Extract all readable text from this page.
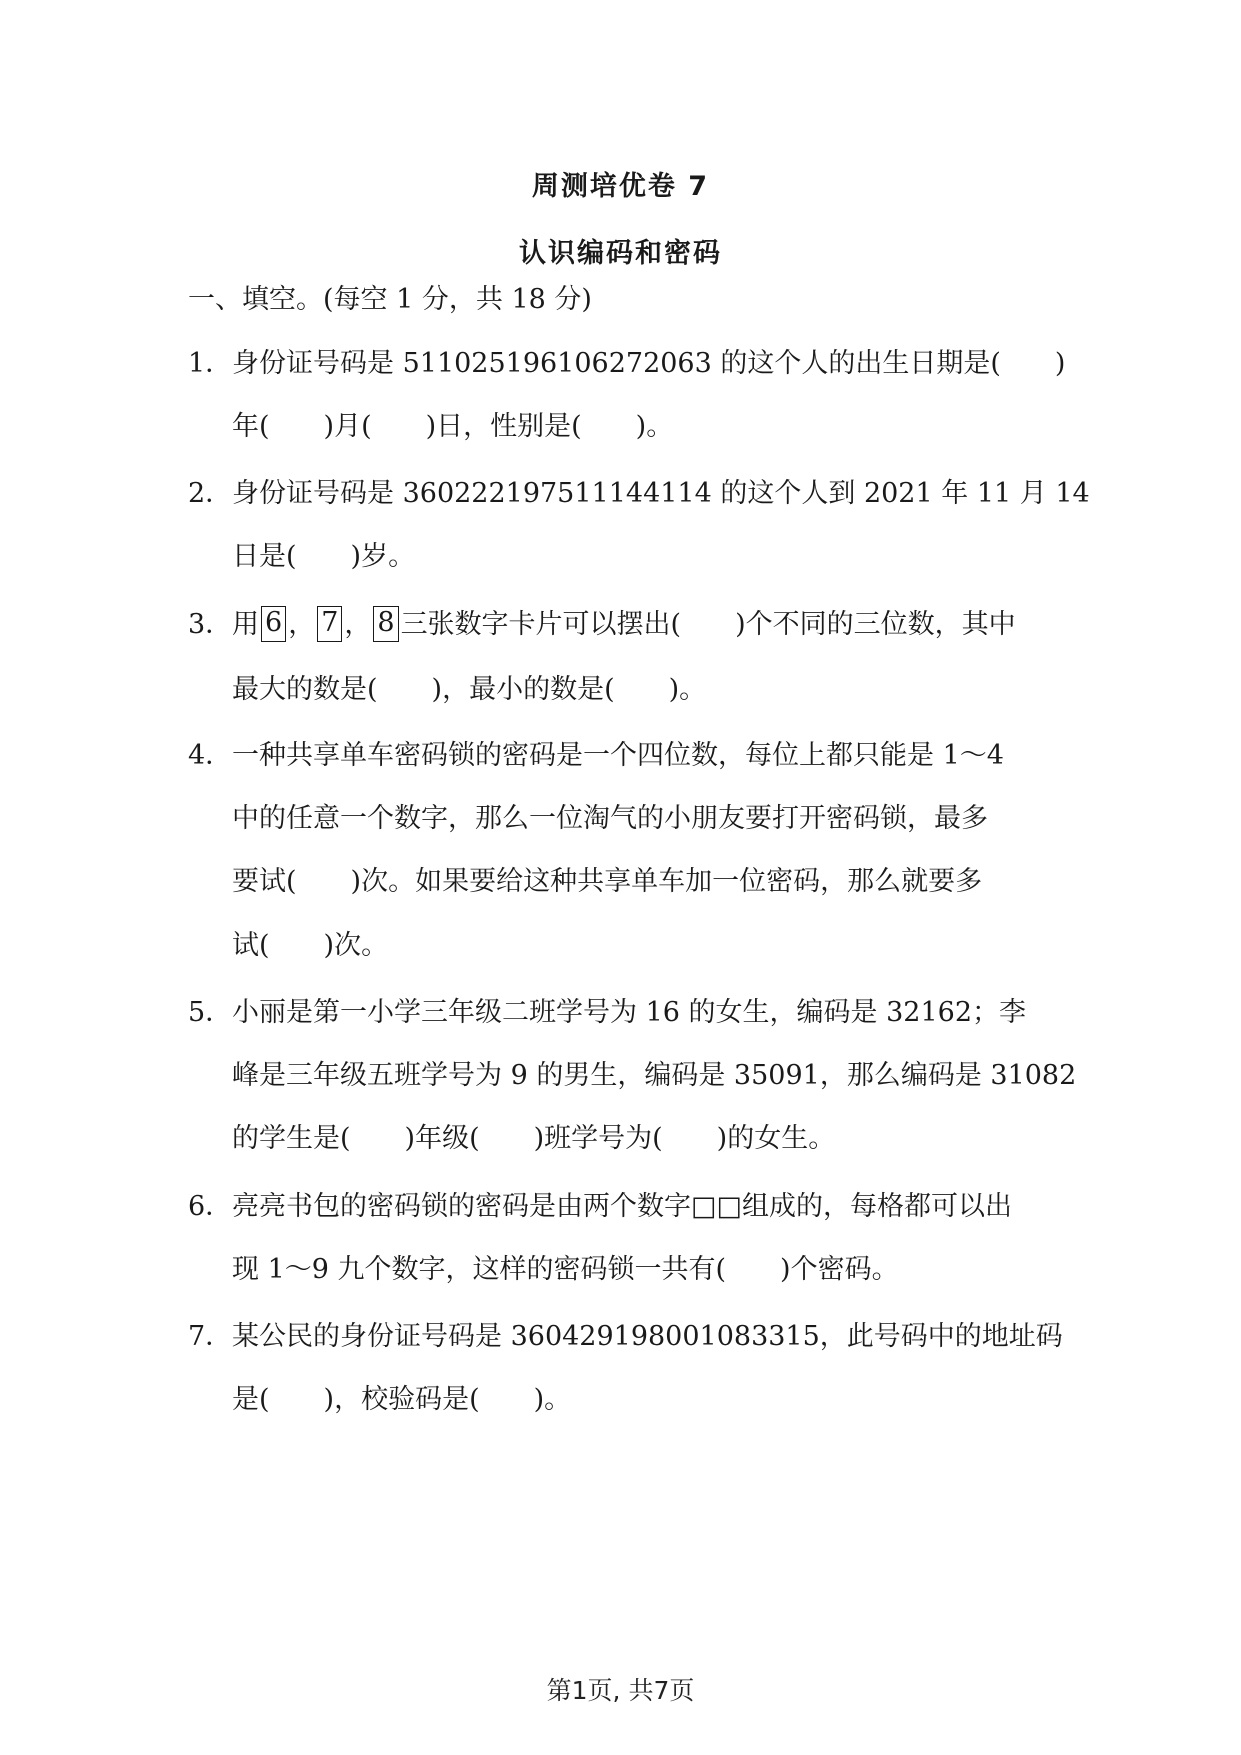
周测培优卷 7
认识编码和密码
一、填空。(每空 1 分，共 18 分)
1． 身份证号码是 511025196106272063 的这个人的出生日期是(　　)
年(　　)月(　　)日，性别是(　　)。
2． 身份证号码是 360222197511144114 的这个人到 2021 年 11 月 14
日是(　　)岁。
3． 用 6 ， 7 ， 8 三张数字卡片可以摆出(　　)个不同的三位数，其中
最大的数是(　　)，最小的数是(　　)。
4． 一种共享单车密码锁的密码是一个四位数，每位上都只能是 1～4
中的任意一个数字，那么一位淘气的小朋友要打开密码锁，最多
要试(　　)次。如果要给这种共享单车加一位密码，那么就要多
试(　　)次。
5． 小丽是第一小学三年级二班学号为 16 的女生，编码是 32162；李
峰是三年级五班学号为 9 的男生，编码是 35091，那么编码是 31082
的学生是(　　)年级(　　)班学号为(　　)的女生。
6． 亮亮书包的密码锁的密码是由两个数字□□组成的，每格都可以出
现 1～9 九个数字，这样的密码锁一共有(　　)个密码。
7． 某公民的身份证号码是 360429198001083315，此号码中的地址码
是(　　)，校验码是(　　)。
第1页, 共7页
